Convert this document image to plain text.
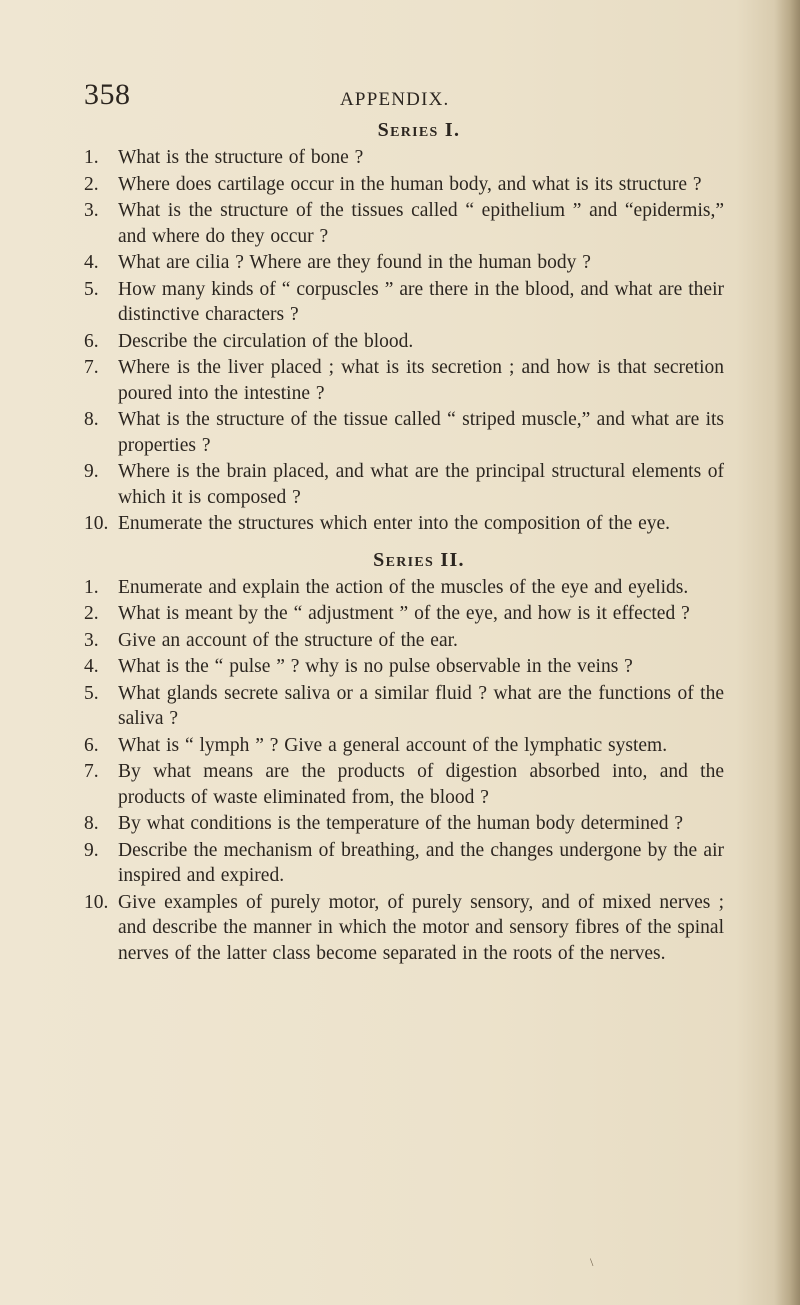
358	APPENDIX.
Series I.
1. What is the structure of bone ?
2. Where does cartilage occur in the human body, and what is its structure ?
3. What is the structure of the tissues called “ epithelium ” and “epidermis,” and where do they occur ?
4. What are cilia ? Where are they found in the human body ?
5. How many kinds of “ corpuscles ” are there in the blood, and what are their distinctive characters ?
6. Describe the circulation of the blood.
7. Where is the liver placed ; what is its secretion ; and how is that secretion poured into the intestine ?
8. What is the structure of the tissue called “ striped muscle,” and what are its properties ?
9. Where is the brain placed, and what are the principal structural elements of which it is composed ?
10. Enumerate the structures which enter into the composition of the eye.
Series II.
1. Enumerate and explain the action of the muscles of the eye and eyelids.
2. What is meant by the “ adjustment ” of the eye, and how is it effected ?
3. Give an account of the structure of the ear.
4. What is the “ pulse ” ? why is no pulse observable in the veins ?
5. What glands secrete saliva or a similar fluid ? what are the functions of the saliva ?
6. What is “ lymph ” ? Give a general account of the lymphatic system.
7. By what means are the products of digestion absorbed into, and the products of waste eliminated from, the blood ?
8. By what conditions is the temperature of the human body determined ?
9. Describe the mechanism of breathing, and the changes undergone by the air inspired and expired.
10. Give examples of purely motor, of purely sensory, and of mixed nerves ; and describe the manner in which the motor and sensory fibres of the spinal nerves of the latter class become separated in the roots of the nerves.
\
